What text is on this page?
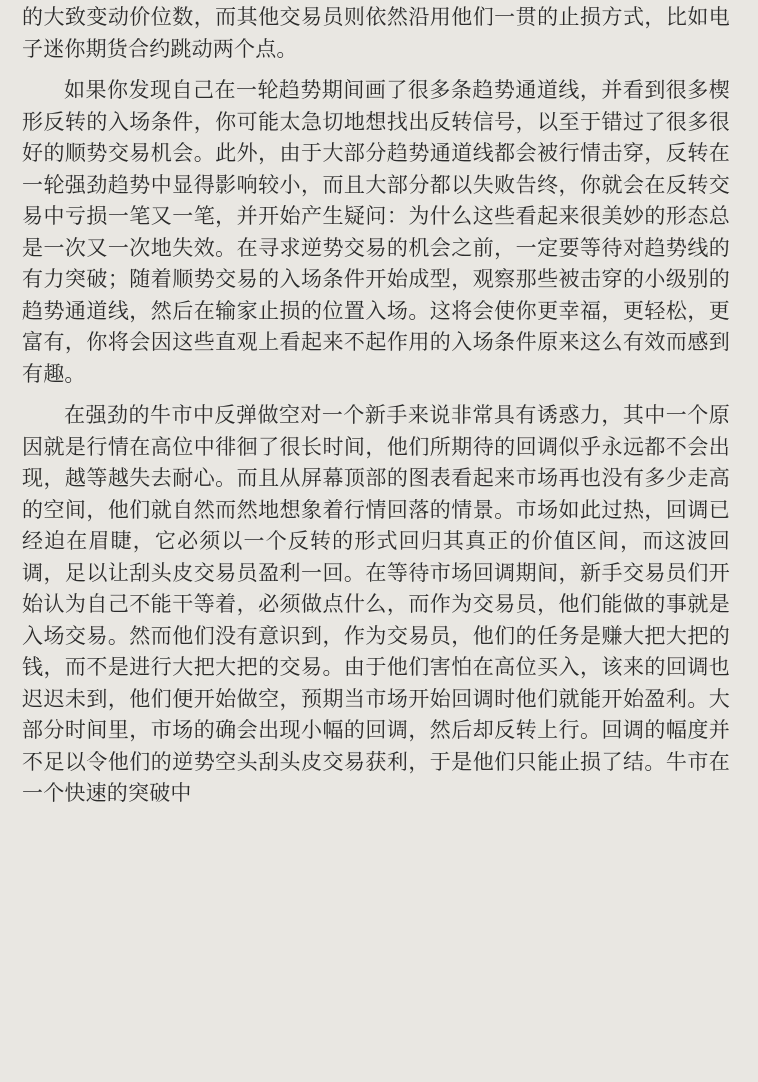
的大致变动价位数，而其他交易员则依然沿用他们一贯的止损方式，比如电子迷你期货合约跳动两个点。

如果你发现自己在一轮趋势期间画了很多条趋势通道线，并看到很多楔形反转的入场条件，你可能太急切地想找出反转信号，以至于错过了很多很好的顺势交易机会。此外，由于大部分趋势通道线都会被行情击穿，反转在一轮强劲趋势中显得影响较小，而且大部分都以失败告终，你就会在反转交易中亏损一笔又一笔，并开始产生疑问：为什么这些看起来很美妙的形态总是一次又一次地失效。在寻求逆势交易的机会之前，一定要等待对趋势线的有力突破；随着顺势交易的入场条件开始成型，观察那些被击穿的小级别的趋势通道线，然后在输家止损的位置入场。这将会使你更幸福，更轻松，更富有，你将会因这些直观上看起来不起作用的入场条件原来这么有效而感到有趣。

在强劲的牛市中反弹做空对一个新手来说非常具有诱惑力，其中一个原因就是行情在高位中徘徊了很长时间，他们所期待的回调似乎永远都不会出现，越等越失去耐心。而且从屏幕顶部的图表看起来市场再也没有多少走高的空间，他们就自然而然地想象着行情回落的情景。市场如此过热，回调已经迫在眉睫，它必须以一个反转的形式回归其真正的价值区间，而这波回调，足以让刮头皮交易员盈利一回。在等待市场回调期间，新手交易员们开始认为自己不能干等着，必须做点什么，而作为交易员，他们能做的事就是入场交易。然而他们没有意识到，作为交易员，他们的任务是赚大把大把的钱，而不是进行大把大把的交易。由于他们害怕在高位买入，该来的回调也迟迟未到，他们便开始做空，预期当市场开始回调时他们就能开始盈利。大部分时间里，市场的确会出现小幅的回调，然后却反转上行。回调的幅度并不足以令他们的逆势空头刮头皮交易获利，于是他们只能止损了结。牛市在一个快速的突破中
